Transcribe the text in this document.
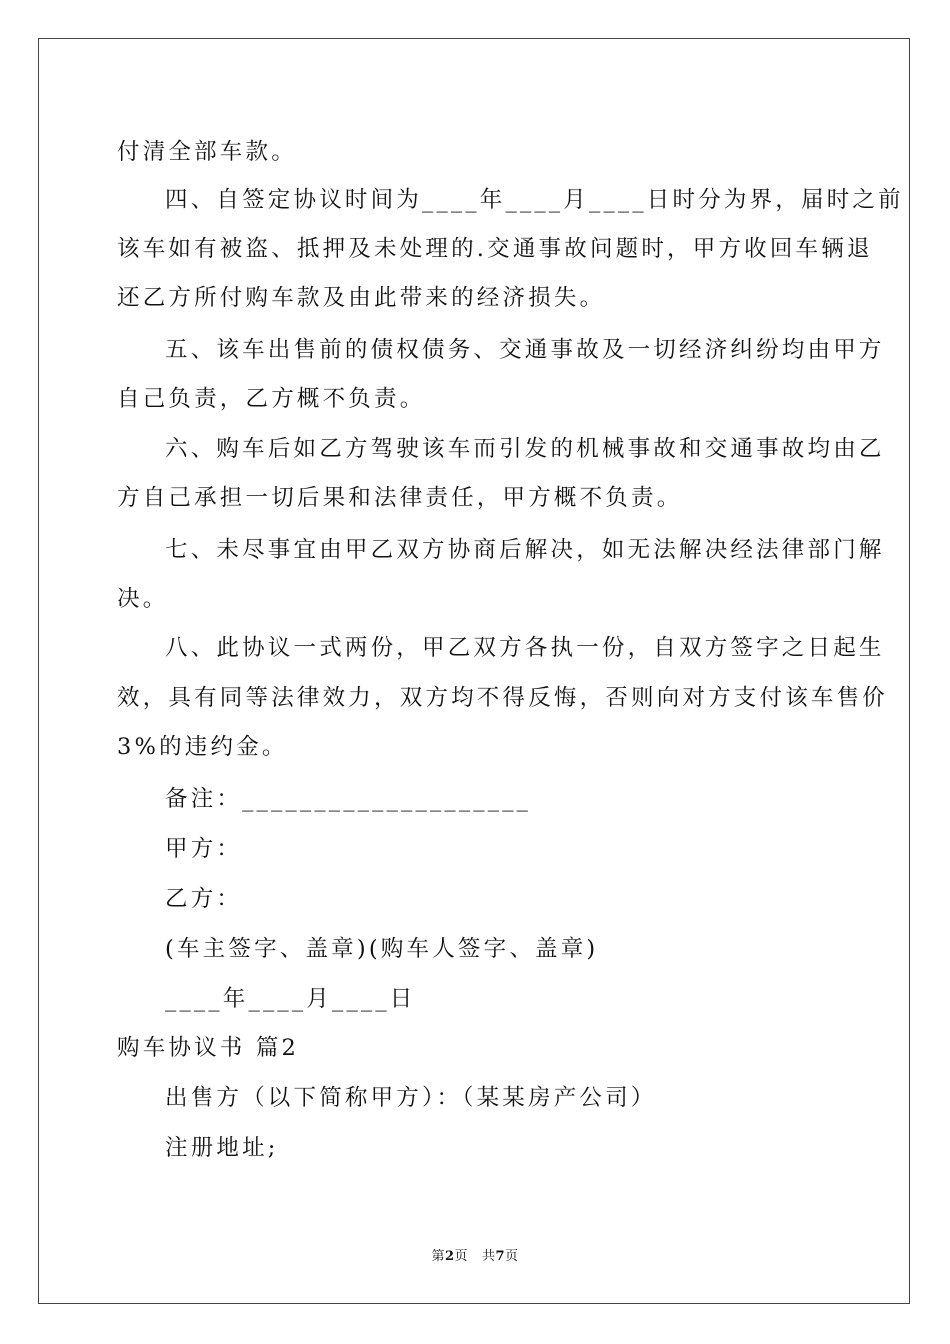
付清全部车款。
四、自签定协议时间为____年____月____日时分为界，届时之前
该车如有被盗、抵押及未处理的.交通事故问题时，甲方收回车辆退
还乙方所付购车款及由此带来的经济损失。
五、该车出售前的债权债务、交通事故及一切经济纠纷均由甲方
自己负责，乙方概不负责。
六、购车后如乙方驾驶该车而引发的机械事故和交通事故均由乙
方自己承担一切后果和法律责任，甲方概不负责。
七、未尽事宜由甲乙双方协商后解决，如无法解决经法律部门解
决。
八、此协议一式两份，甲乙双方各执一份，自双方签字之日起生
效，具有同等法律效力，双方均不得反悔，否则向对方支付该车售价
3%的违约金。
备注：____________________
甲方：
乙方：
(车主签字、盖章)(购车人签字、盖章)
____年____月____日
购车协议书 篇2
出售方（以下简称甲方）：（某某房产公司）
注册地址;
第2页   共7页
